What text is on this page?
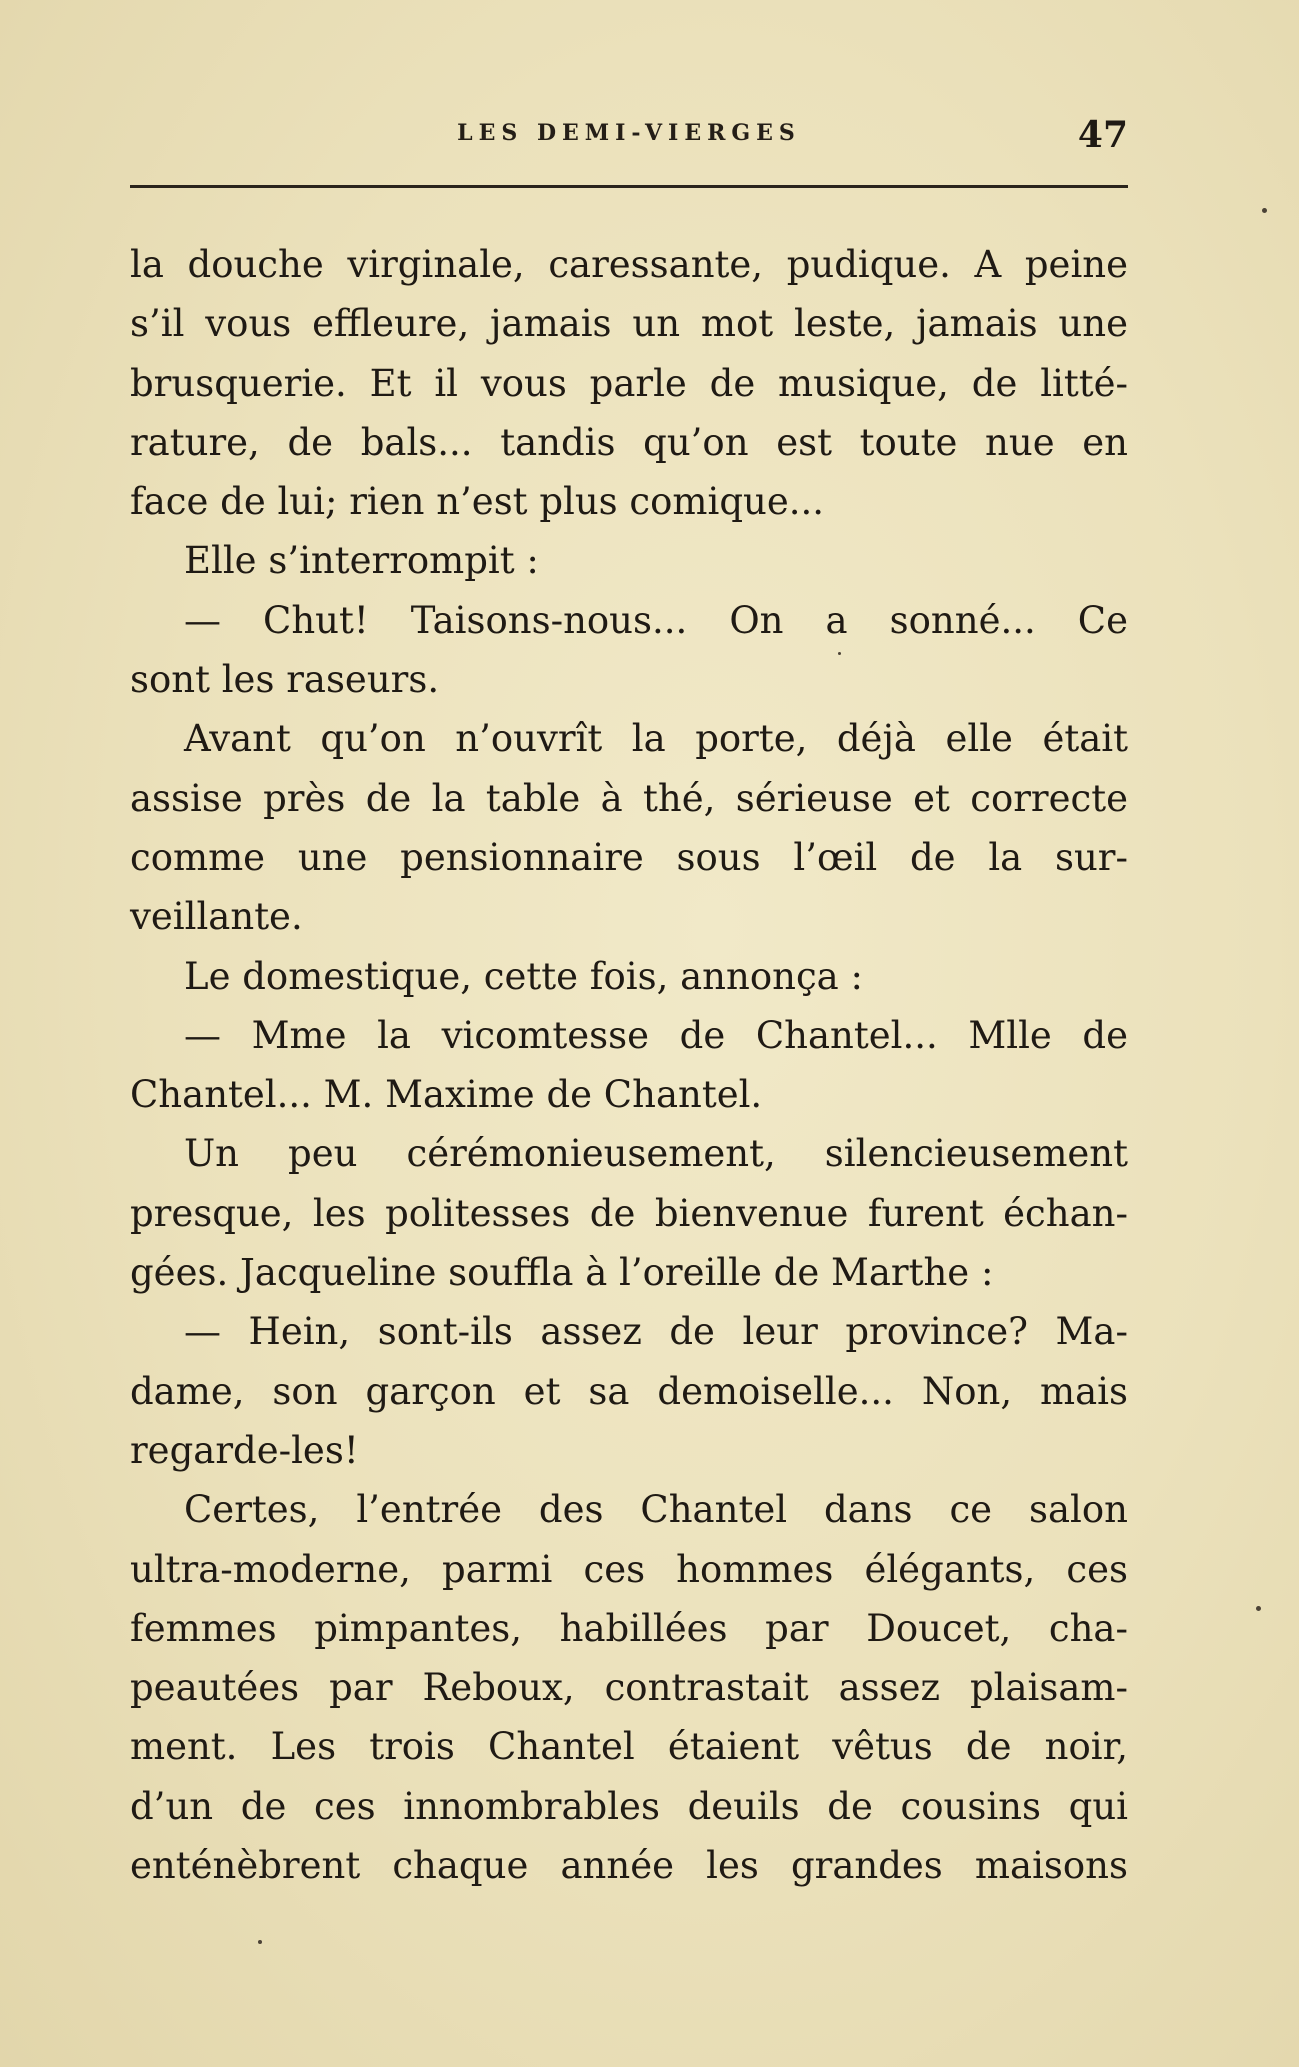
LES DEMI-VIERGES	47
la douche virginale, caressante, pudique. A peine
s’il vous effleure, jamais un mot leste, jamais une
brusquerie. Et il vous parle de musique, de litté-
rature, de bals... tandis qu’on est toute nue en
face de lui; rien n’est plus comique...
Elle s’interrompit :
— Chut! Taisons-nous... On a sonné... Ce
sont les raseurs.
Avant qu’on n’ouvrît la porte, déjà elle était
assise près de la table à thé, sérieuse et correcte
comme une pensionnaire sous l’œil de la sur-
veillante.
Le domestique, cette fois, annonça :
— Mme la vicomtesse de Chantel... Mlle de
Chantel... M. Maxime de Chantel.
Un peu cérémonieusement, silencieusement
presque, les politesses de bienvenue furent échan-
gées. Jacqueline souffla à l’oreille de Marthe :
— Hein, sont-ils assez de leur province? Ma-
dame, son garçon et sa demoiselle... Non, mais
regarde-les!
Certes, l’entrée des Chantel dans ce salon
ultra-moderne, parmi ces hommes élégants, ces
femmes pimpantes, habillées par Doucet, cha-
peautées par Reboux, contrastait assez plaisam-
ment. Les trois Chantel étaient vêtus de noir,
d’un de ces innombrables deuils de cousins qui
enténèbrent chaque année les grandes maisons
